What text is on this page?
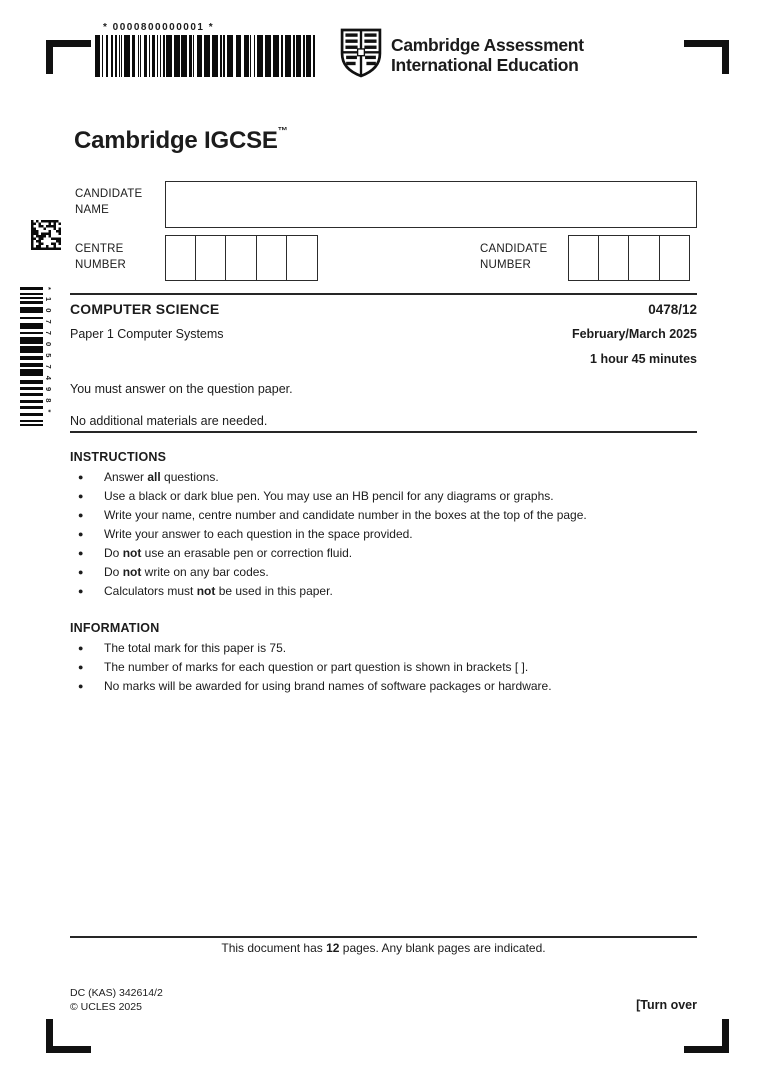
* 0000800000001 *
Cambridge Assessment
International Education
Cambridge IGCSE™
CANDIDATE
NAME
CENTRE
NUMBER
CANDIDATE
NUMBER
* 1 0 7 7 0 5 7 4 9 8 * COMPUTER SCIENCE	0478/12
Paper 1 Computer Systems	February/March 2025
1 hour 45 minutes
You must answer on the question paper.
No additional materials are needed.
INSTRUCTIONS
●	Answer all questions.
●	Use a black or dark blue pen. You may use an HB pencil for any diagrams or graphs.
●	Write your name, centre number and candidate number in the boxes at the top of the page.
●	Write your answer to each question in the space provided.
●	Do not use an erasable pen or correction fluid.
●	Do not write on any bar codes.
●	Calculators must not be used in this paper.
INFORMATION
●	The total mark for this paper is 75.
●	The number of marks for each question or part question is shown in brackets [ ].
●	No marks will be awarded for using brand names of software packages or hardware.
This document has 12 pages. Any blank pages are indicated.
DC (KAS) 342614/2
© UCLES 2025	[Turn over
